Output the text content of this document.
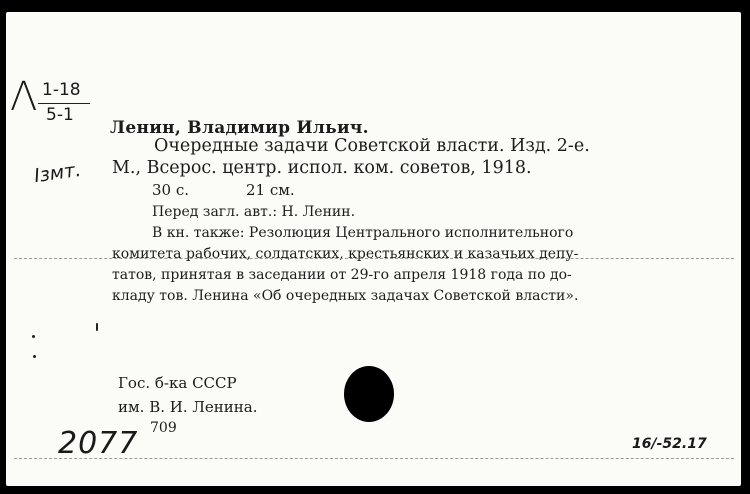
Λ 1-18
5-1
Ізмт.
Ленин, Владимир Ильич.
Очередные задачи Советской власти. Изд. 2-е.
М., Всерос. центр. испол. ком. советов, 1918.
30 с.	21 см.
Перед загл. авт.: Н. Ленин.
В кн. также: Резолюция Центрального исполнительного
комитета рабочих, солдатских, крестьянских и казачьих депу-
татов, принятая в заседании от 29-го апреля 1918 года по до-
кладу тов. Ленина «Об очередных задачах Советской власти».
Гос. б-ка СССР
им. В. И. Ленина.
709
2077	16/-52.17
